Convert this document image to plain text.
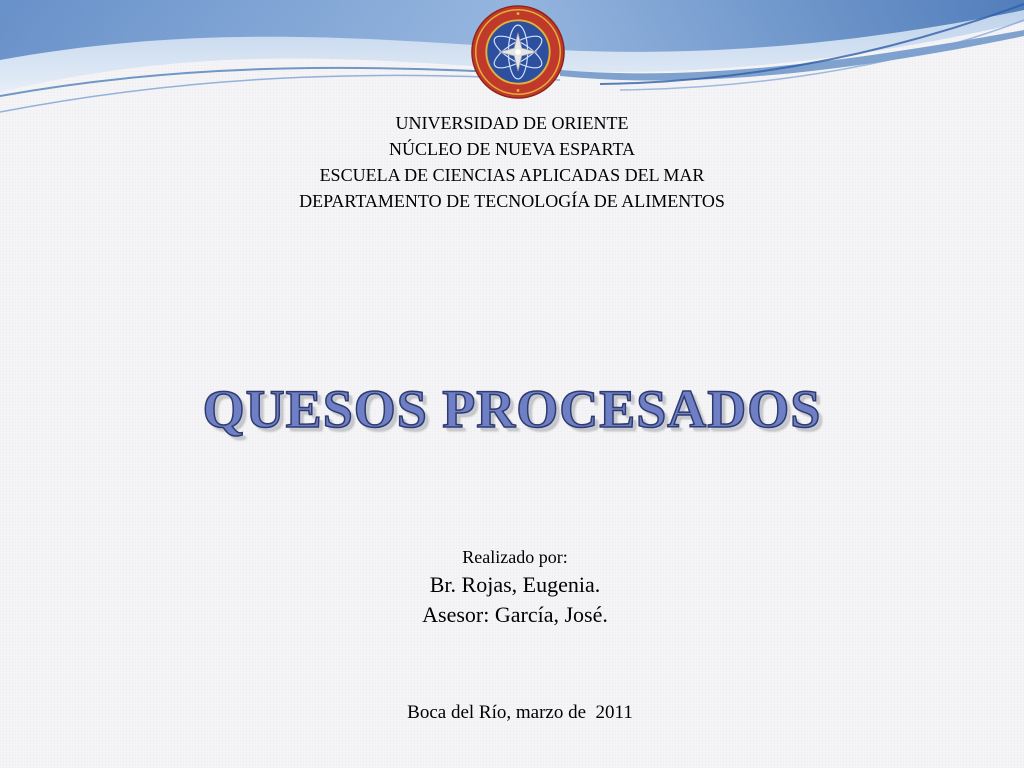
UNIVERSIDAD DE ORIENTE
NÚCLEO DE NUEVA ESPARTA
ESCUELA DE CIENCIAS APLICADAS DEL MAR
DEPARTAMENTO DE TECNOLOGÍA DE ALIMENTOS
QUESOS PROCESADOS
Realizado por:
Br. Rojas, Eugenia.
Asesor: García, José.
Boca del Río, marzo de  2011
